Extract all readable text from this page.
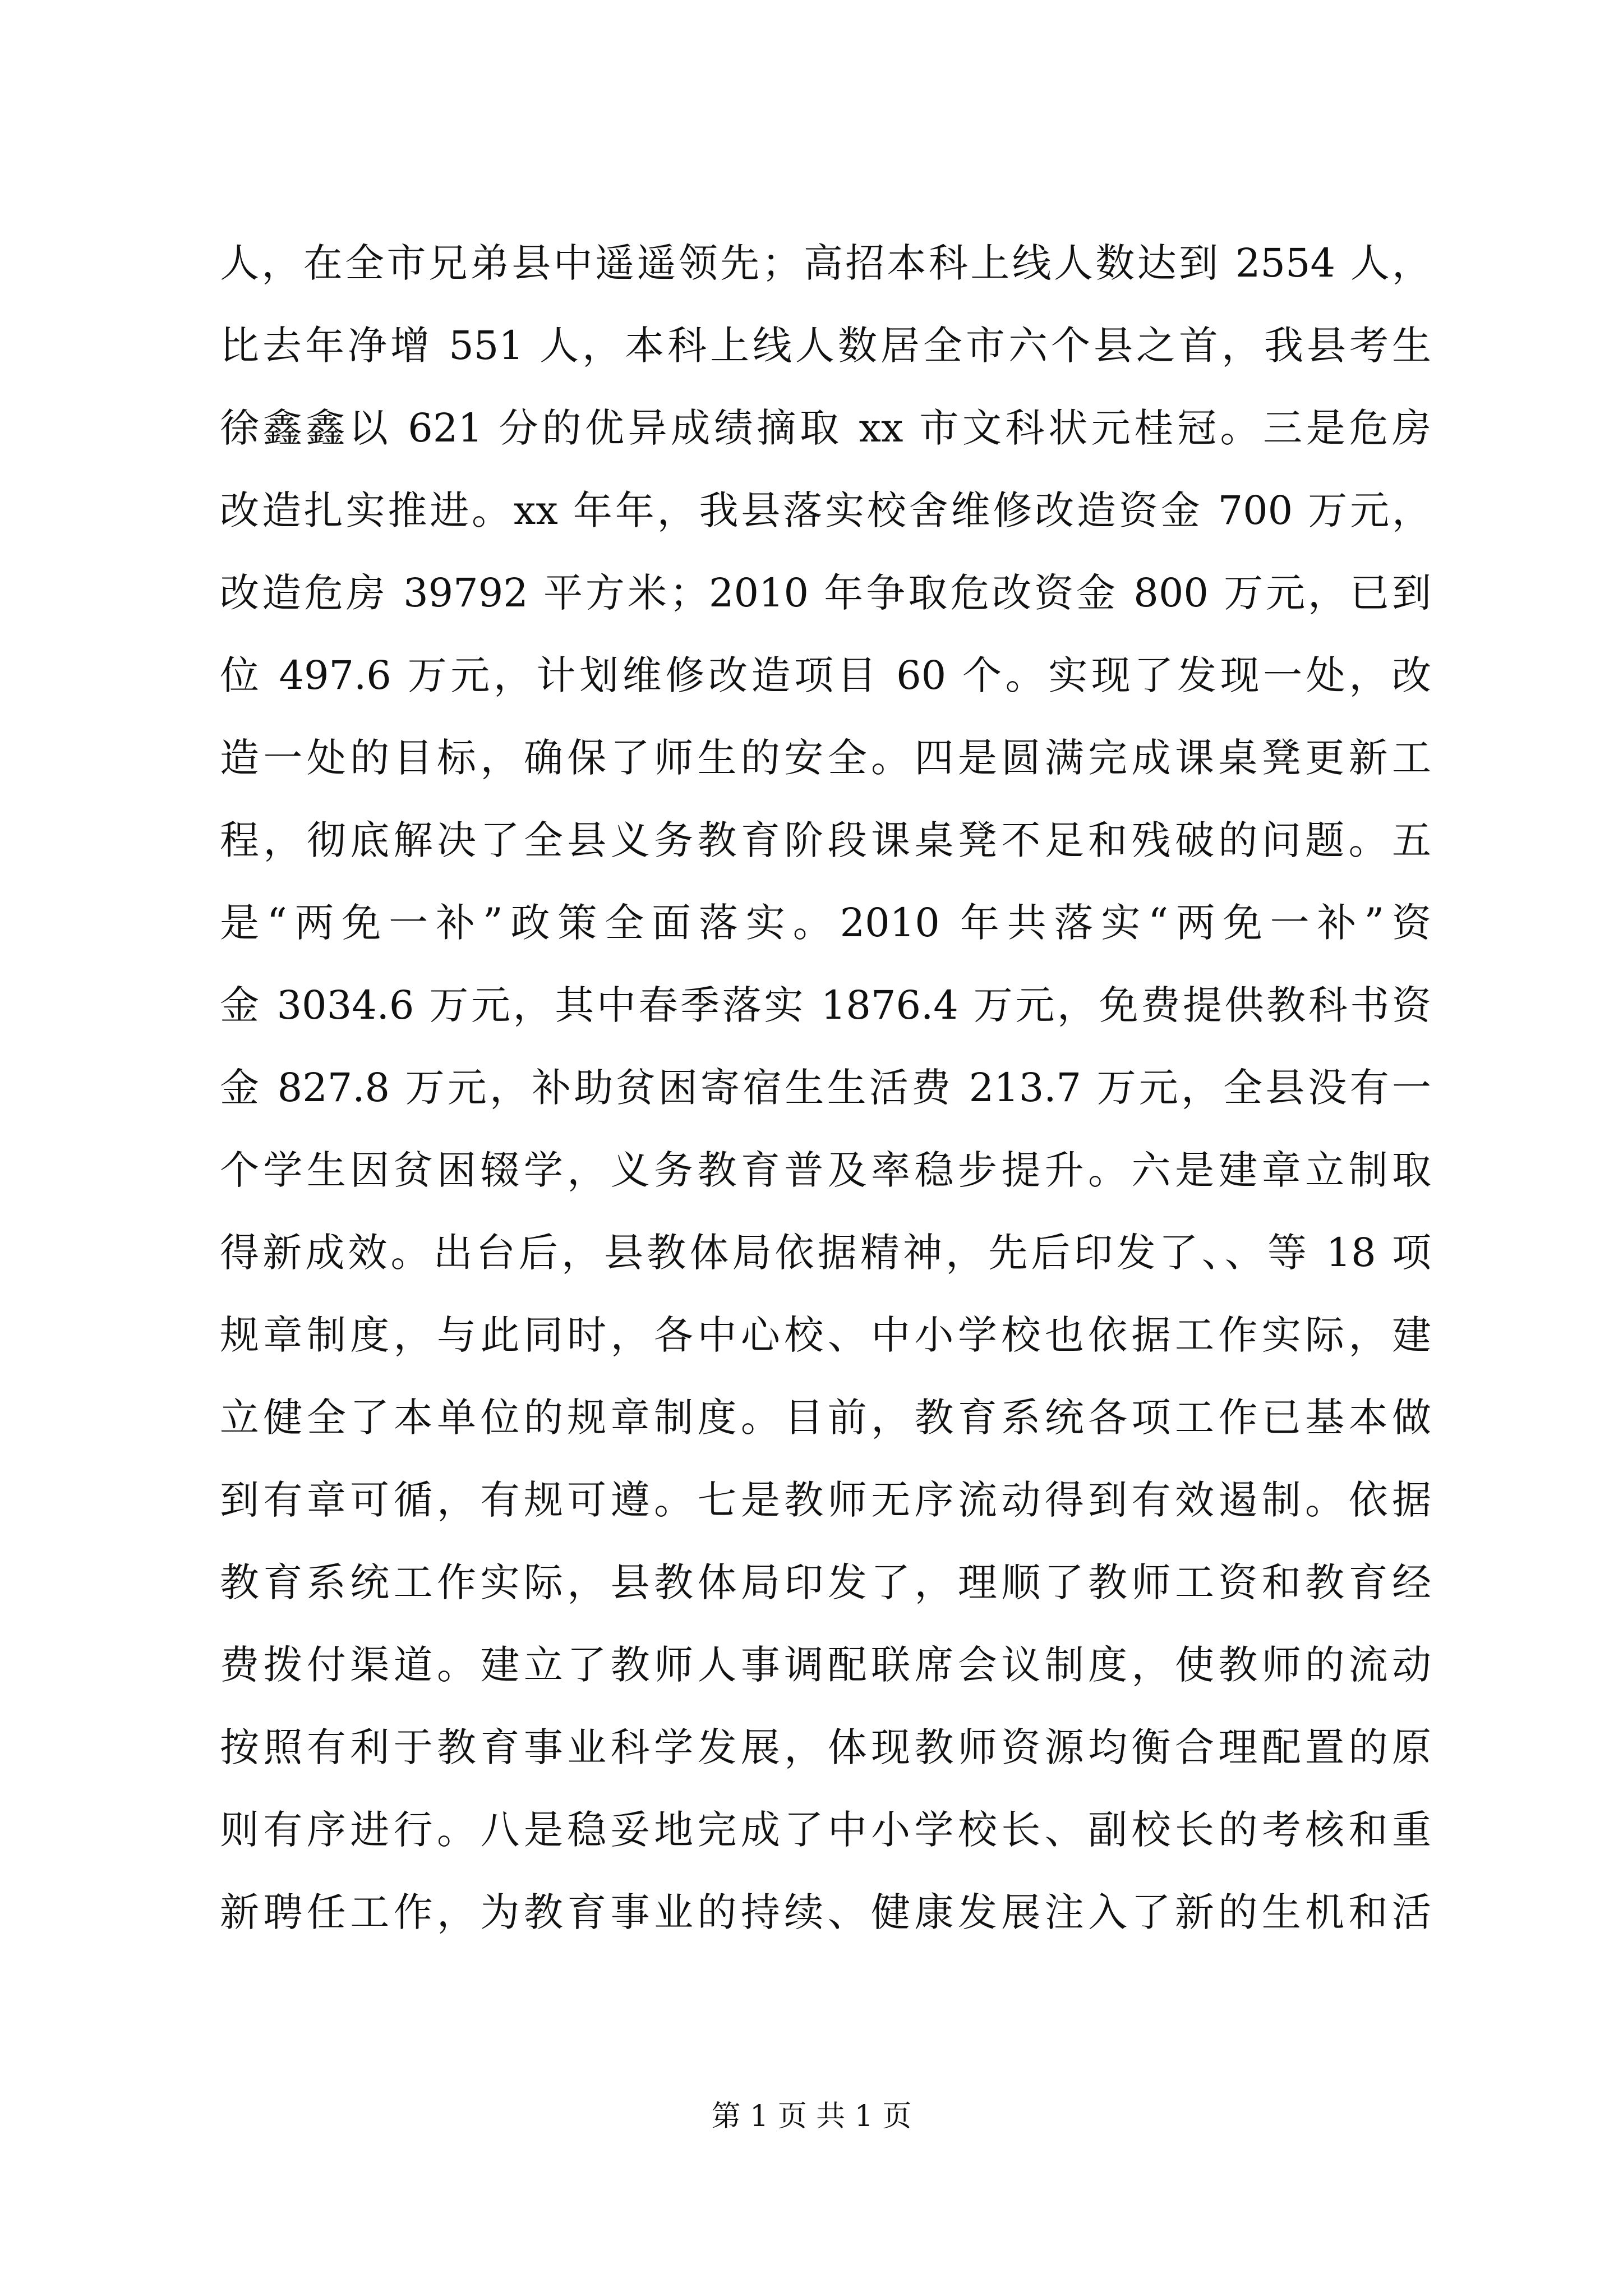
人，在全市兄弟县中遥遥领先；高招本科上线人数达到 2554 人，
比去年净增 551 人，本科上线人数居全市六个县之首，我县考生
徐鑫鑫以 621 分的优异成绩摘取 xx 市文科状元桂冠。三是危房
改造扎实推进。xx 年年，我县落实校舍维修改造资金 700 万元，
改造危房 39792 平方米；2010 年争取危改资金 800 万元，已到
位 497.6 万元，计划维修改造项目 60 个。实现了发现一处，改
造一处的目标，确保了师生的安全。四是圆满完成课桌凳更新工
程，彻底解决了全县义务教育阶段课桌凳不足和残破的问题。五
是“两免一补”政策全面落实。2010 年共落实“两免一补”资
金 3034.6 万元，其中春季落实 1876.4 万元，免费提供教科书资
金 827.8 万元，补助贫困寄宿生生活费 213.7 万元，全县没有一
个学生因贫困辍学，义务教育普及率稳步提升。六是建章立制取
得新成效。出台后，县教体局依据精神，先后印发了、、等 18 项
规章制度，与此同时，各中心校、中小学校也依据工作实际，建
立健全了本单位的规章制度。目前，教育系统各项工作已基本做
到有章可循，有规可遵。七是教师无序流动得到有效遏制。依据
教育系统工作实际，县教体局印发了，理顺了教师工资和教育经
费拨付渠道。建立了教师人事调配联席会议制度，使教师的流动
按照有利于教育事业科学发展，体现教师资源均衡合理配置的原
则有序进行。八是稳妥地完成了中小学校长、副校长的考核和重
新聘任工作，为教育事业的持续、健康发展注入了新的生机和活
第 1 页 共 1 页
